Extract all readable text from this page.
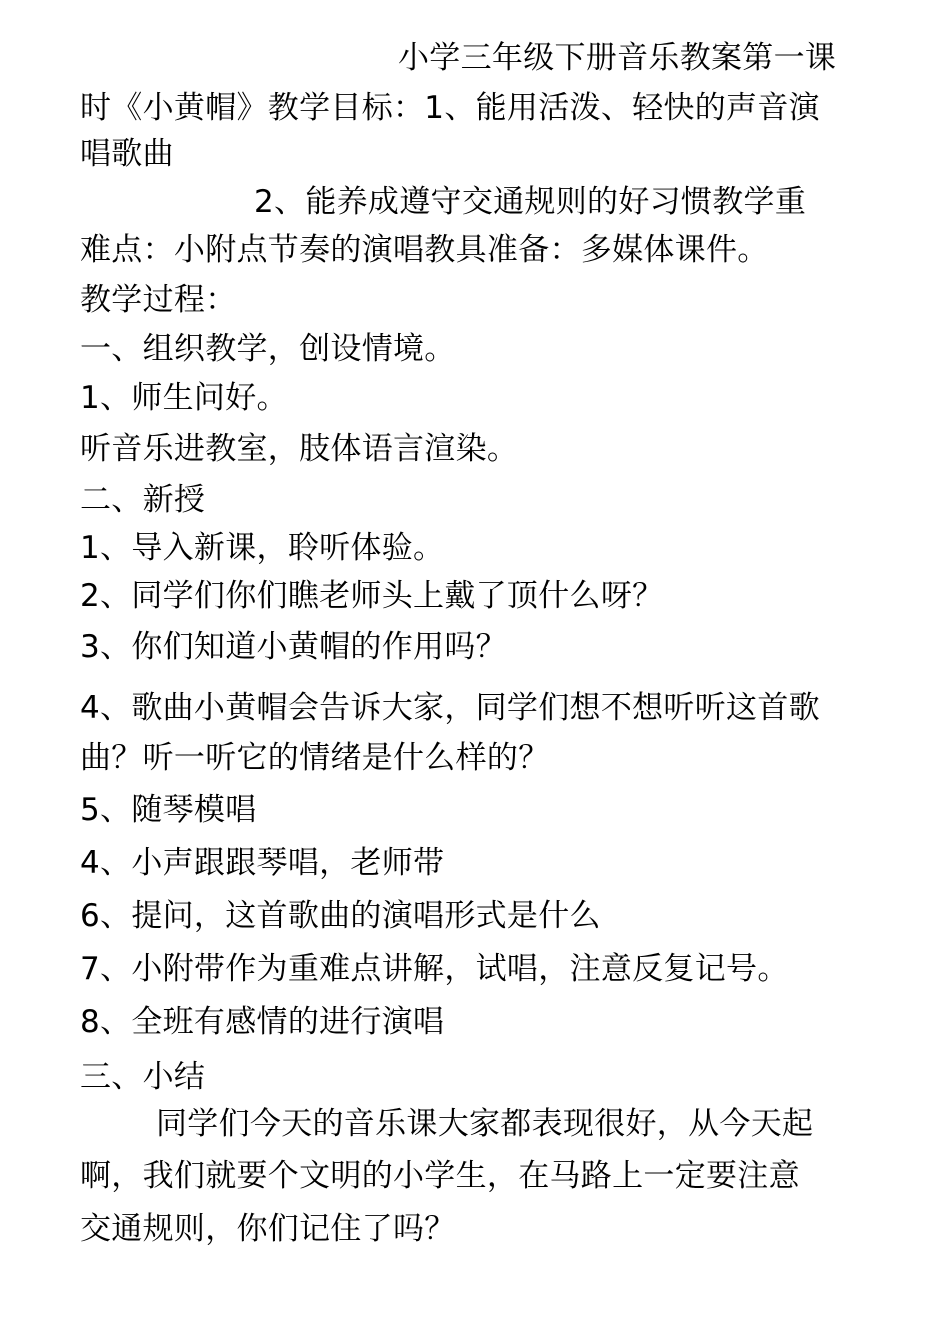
小学三年级下册音乐教案第一课
时《小黄帽》教学目标：1、能用活泼、轻快的声音演
唱歌曲
2、能养成遵守交通规则的好习惯教学重
难点：小附点节奏的演唱教具准备：多媒体课件。
教学过程：
一、组织教学，创设情境。
1、师生问好。
听音乐进教室，肢体语言渲染。
二、新授
1、导入新课，聆听体验。
2、同学们你们瞧老师头上戴了顶什么呀？
3、你们知道小黄帽的作用吗？
4、歌曲小黄帽会告诉大家，同学们想不想听听这首歌
曲？听一听它的情绪是什么样的？
5、随琴模唱
4、小声跟跟琴唱，老师带
6、提问，这首歌曲的演唱形式是什么
7、小附带作为重难点讲解，试唱，注意反复记号。
8、全班有感情的进行演唱
三、小结
同学们今天的音乐课大家都表现很好，从今天起
啊，我们就要个文明的小学生，在马路上一定要注意
交通规则，你们记住了吗？
